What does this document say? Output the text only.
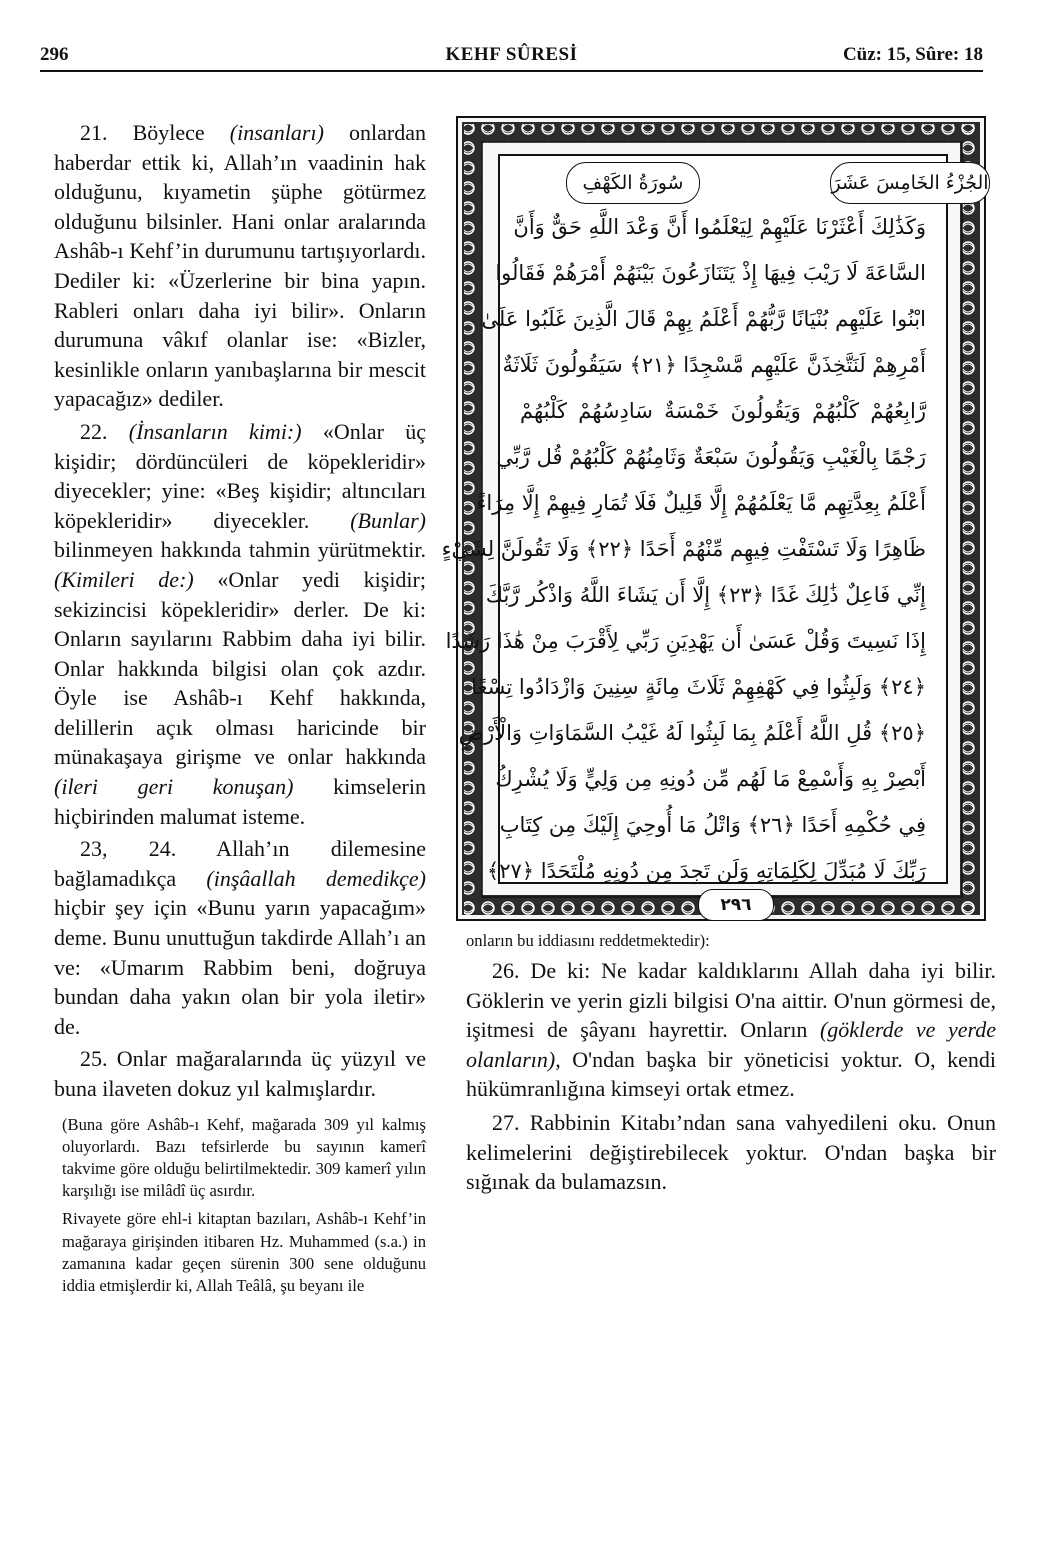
296	KEHF SÛRESİ	Cüz: 15, Sûre: 18

21. Böylece (insanları) onlardan haberdar ettik ki, Allah’ın vaadinin hak olduğunu, kıyametin şüphe götürmez olduğunu bilsinler. Hani onlar aralarında Ashâb-ı Kehf’in durumunu tartışıyorlardı. Dediler ki: «Üzerlerine bir bina yapın. Rableri onları daha iyi bilir». Onların durumuna vâkıf olanlar ise: «Bizler, kesinlikle onların yanıbaşlarına bir mescit yapacağız» dediler.

22. (İnsanların kimi:) «Onlar üç kişidir; dördüncüleri de köpekleridir» diyecekler; yine: «Beş kişidir; altıncıları köpekleridir» diyecekler. (Bunlar) bilinmeyen hakkında tahmin yürütmektir. (Kimileri de:) «Onlar yedi kişidir; sekizincisi köpekleridir» derler. De ki: Onların sayılarını Rabbim daha iyi bilir. Onlar hakkında bilgisi olan çok azdır. Öyle ise Ashâb-ı Kehf hakkında, delillerin açık olması haricinde bir münakaşaya girişme ve onlar hakkında (ileri geri konuşan) kimselerin hiçbirinden malumat isteme.

23, 24. Allah’ın dilemesine bağlamadıkça (inşâallah demedikçe) hiçbir şey için «Bunu yarın yapacağım» deme. Bunu unuttuğun takdirde Allah’ı an ve: «Umarım Rabbim beni, doğruya bundan daha yakın olan bir yola iletir» de.

25. Onlar mağaralarında üç yüzyıl ve buna ilaveten dokuz yıl kalmışlardır.

(Buna göre Ashâb-ı Kehf, mağarada 309 yıl kalmış oluyorlardı. Bazı tefsirlerde bu sayının kamerî takvime göre olduğu belirtilmektedir. 309 kamerî yılın karşılığı ise milâdî üç asırdır.

Rivayete göre ehl-i kitaptan bazıları, Ashâb-ı Kehf’in mağaraya girişinden itibaren Hz. Muhammed (s.a.) in zamanına kadar geçen sürenin 300 sene olduğunu iddia etmişlerdir ki, Allah Teâlâ, şu beyanı ile

سُورَةُ الكَهْفِ	الجُزْءُ الخَامِسَ عَشَرَ
وَكَذَٰلِكَ أَعْثَرْنَا عَلَيْهِمْ لِيَعْلَمُوا أَنَّ وَعْدَ اللَّهِ حَقٌّ وَأَنَّ
السَّاعَةَ لَا رَيْبَ فِيهَا إِذْ يَتَنَازَعُونَ بَيْنَهُمْ أَمْرَهُمْ فَقَالُوا
ابْنُوا عَلَيْهِم بُنْيَانًا رَّبُّهُمْ أَعْلَمُ بِهِمْ قَالَ الَّذِينَ غَلَبُوا عَلَىٰ
أَمْرِهِمْ لَنَتَّخِذَنَّ عَلَيْهِم مَّسْجِدًا ﴿٢١﴾ سَيَقُولُونَ ثَلَاثَةٌ
رَّابِعُهُمْ كَلْبُهُمْ وَيَقُولُونَ خَمْسَةٌ سَادِسُهُمْ كَلْبُهُمْ
رَجْمًا بِالْغَيْبِ وَيَقُولُونَ سَبْعَةٌ وَثَامِنُهُمْ كَلْبُهُمْ قُل رَّبِّي
أَعْلَمُ بِعِدَّتِهِم مَّا يَعْلَمُهُمْ إِلَّا قَلِيلٌ فَلَا تُمَارِ فِيهِمْ إِلَّا مِرَاءً
ظَاهِرًا وَلَا تَسْتَفْتِ فِيهِم مِّنْهُمْ أَحَدًا ﴿٢٢﴾ وَلَا تَقُولَنَّ لِشَيْءٍ
إِنِّي فَاعِلٌ ذَٰلِكَ غَدًا ﴿٢٣﴾ إِلَّا أَن يَشَاءَ اللَّهُ وَاذْكُر رَّبَّكَ
إِذَا نَسِيتَ وَقُلْ عَسَىٰ أَن يَهْدِيَنِ رَبِّي لِأَقْرَبَ مِنْ هَٰذَا رَشَدًا
﴿٢٤﴾ وَلَبِثُوا فِي كَهْفِهِمْ ثَلَاثَ مِائَةٍ سِنِينَ وَازْدَادُوا تِسْعًا
﴿٢٥﴾ قُلِ اللَّهُ أَعْلَمُ بِمَا لَبِثُوا لَهُ غَيْبُ السَّمَاوَاتِ وَالْأَرْضِ
أَبْصِرْ بِهِ وَأَسْمِعْ مَا لَهُم مِّن دُونِهِ مِن وَلِيٍّ وَلَا يُشْرِكُ
فِي حُكْمِهِ أَحَدًا ﴿٢٦﴾ وَاتْلُ مَا أُوحِيَ إِلَيْكَ مِن كِتَابِ
رَبِّكَ لَا مُبَدِّلَ لِكَلِمَاتِهِ وَلَن تَجِدَ مِن دُونِهِ مُلْتَحَدًا ﴿٢٧﴾
٢٩٦

onların bu iddiasını reddetmektedir):

26. De ki: Ne kadar kaldıklarını Allah daha iyi bilir. Göklerin ve yerin gizli bilgisi O'na aittir. O'nun görmesi de, işitmesi de şâyanı hayrettir. Onların (göklerde ve yerde olanların), O'ndan başka bir yöneticisi yoktur. O, kendi hükümranlığına kimseyi ortak etmez.

27. Rabbinin Kitabı’ndan sana vahyedileni oku. Onun kelimelerini değiştirebilecek yoktur. O'ndan başka bir sığınak da bulamazsın.
